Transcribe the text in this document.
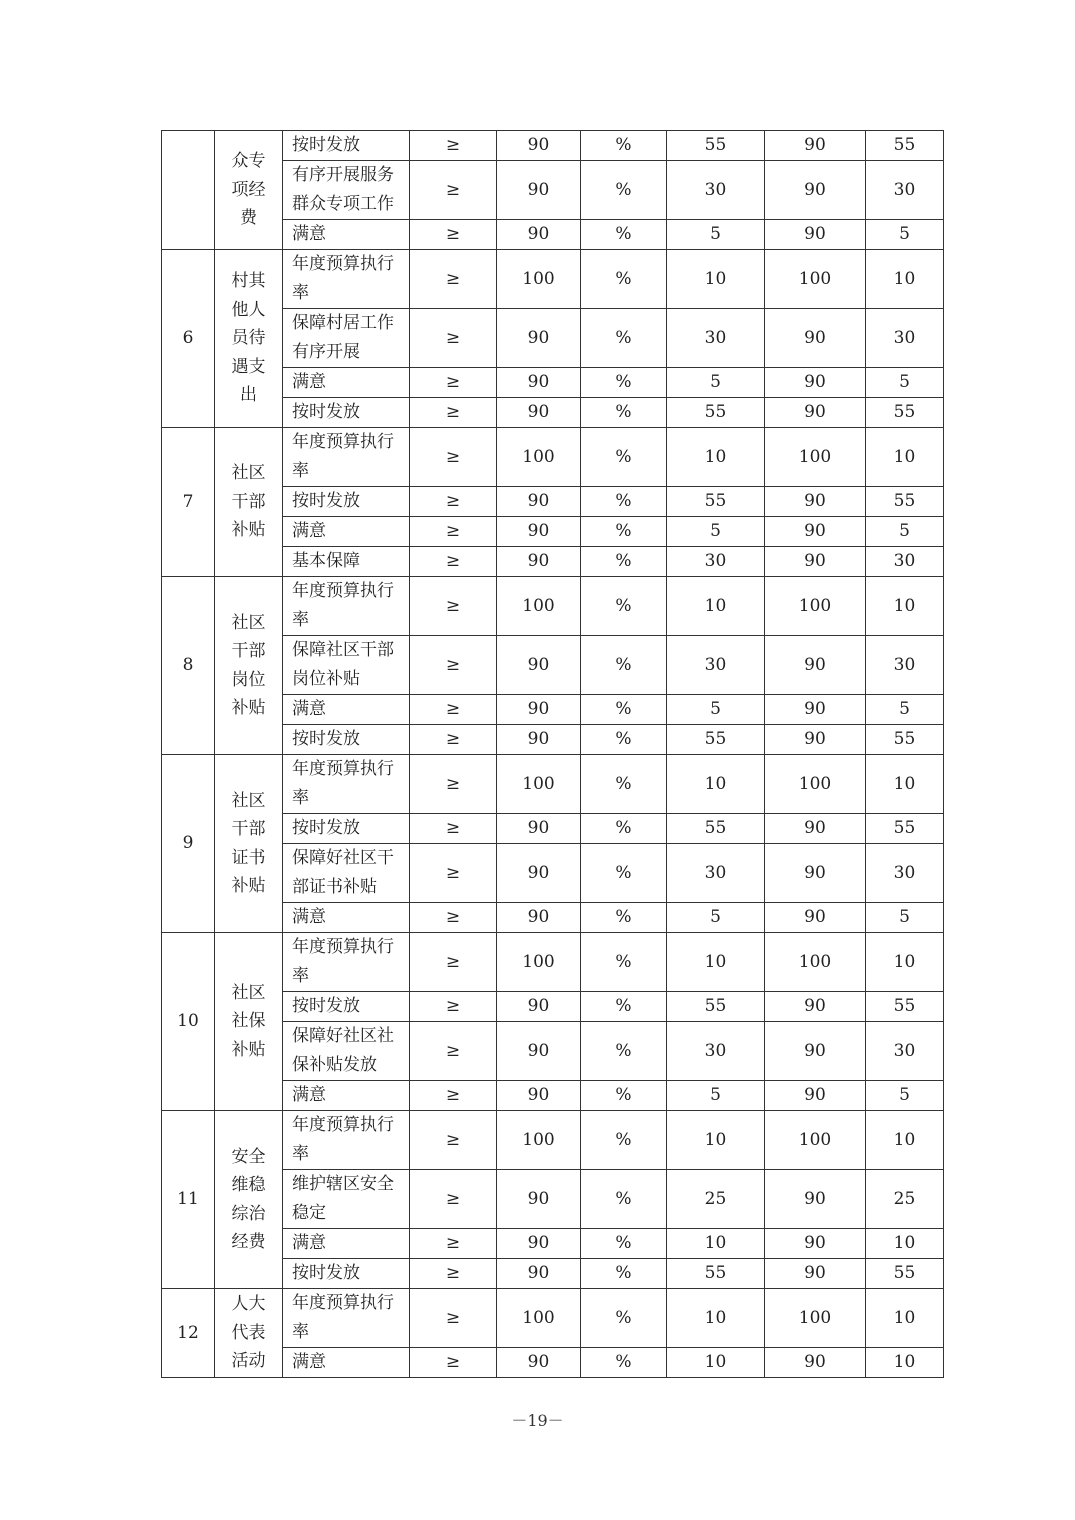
	众专项经费	按时发放	≥	90	%	55	90	55
		有序开展服务群众专项工作	≥	90	%	30	90	30
		满意	≥	90	%	5	90	5
6	村其他人员待遇支出	年度预算执行率	≥	100	%	10	100	10
		保障村居工作有序开展	≥	90	%	30	90	30
		满意	≥	90	%	5	90	5
		按时发放	≥	90	%	55	90	55
7	社区干部补贴	年度预算执行率	≥	100	%	10	100	10
		按时发放	≥	90	%	55	90	55
		满意	≥	90	%	5	90	5
		基本保障	≥	90	%	30	90	30
8	社区干部岗位补贴	年度预算执行率	≥	100	%	10	100	10
		保障社区干部岗位补贴	≥	90	%	30	90	30
		满意	≥	90	%	5	90	5
		按时发放	≥	90	%	55	90	55
9	社区干部证书补贴	年度预算执行率	≥	100	%	10	100	10
		按时发放	≥	90	%	55	90	55
		保障好社区干部证书补贴	≥	90	%	30	90	30
		满意	≥	90	%	5	90	5
10	社区社保补贴	年度预算执行率	≥	100	%	10	100	10
		按时发放	≥	90	%	55	90	55
		保障好社区社保补贴发放	≥	90	%	30	90	30
		满意	≥	90	%	5	90	5
11	安全维稳综治经费	年度预算执行率	≥	100	%	10	100	10
		维护辖区安全稳定	≥	90	%	25	90	25
		满意	≥	90	%	10	90	10
		按时发放	≥	90	%	55	90	55
12	人大代表活动	年度预算执行率	≥	100	%	10	100	10
		满意	≥	90	%	10	90	10
－19－
